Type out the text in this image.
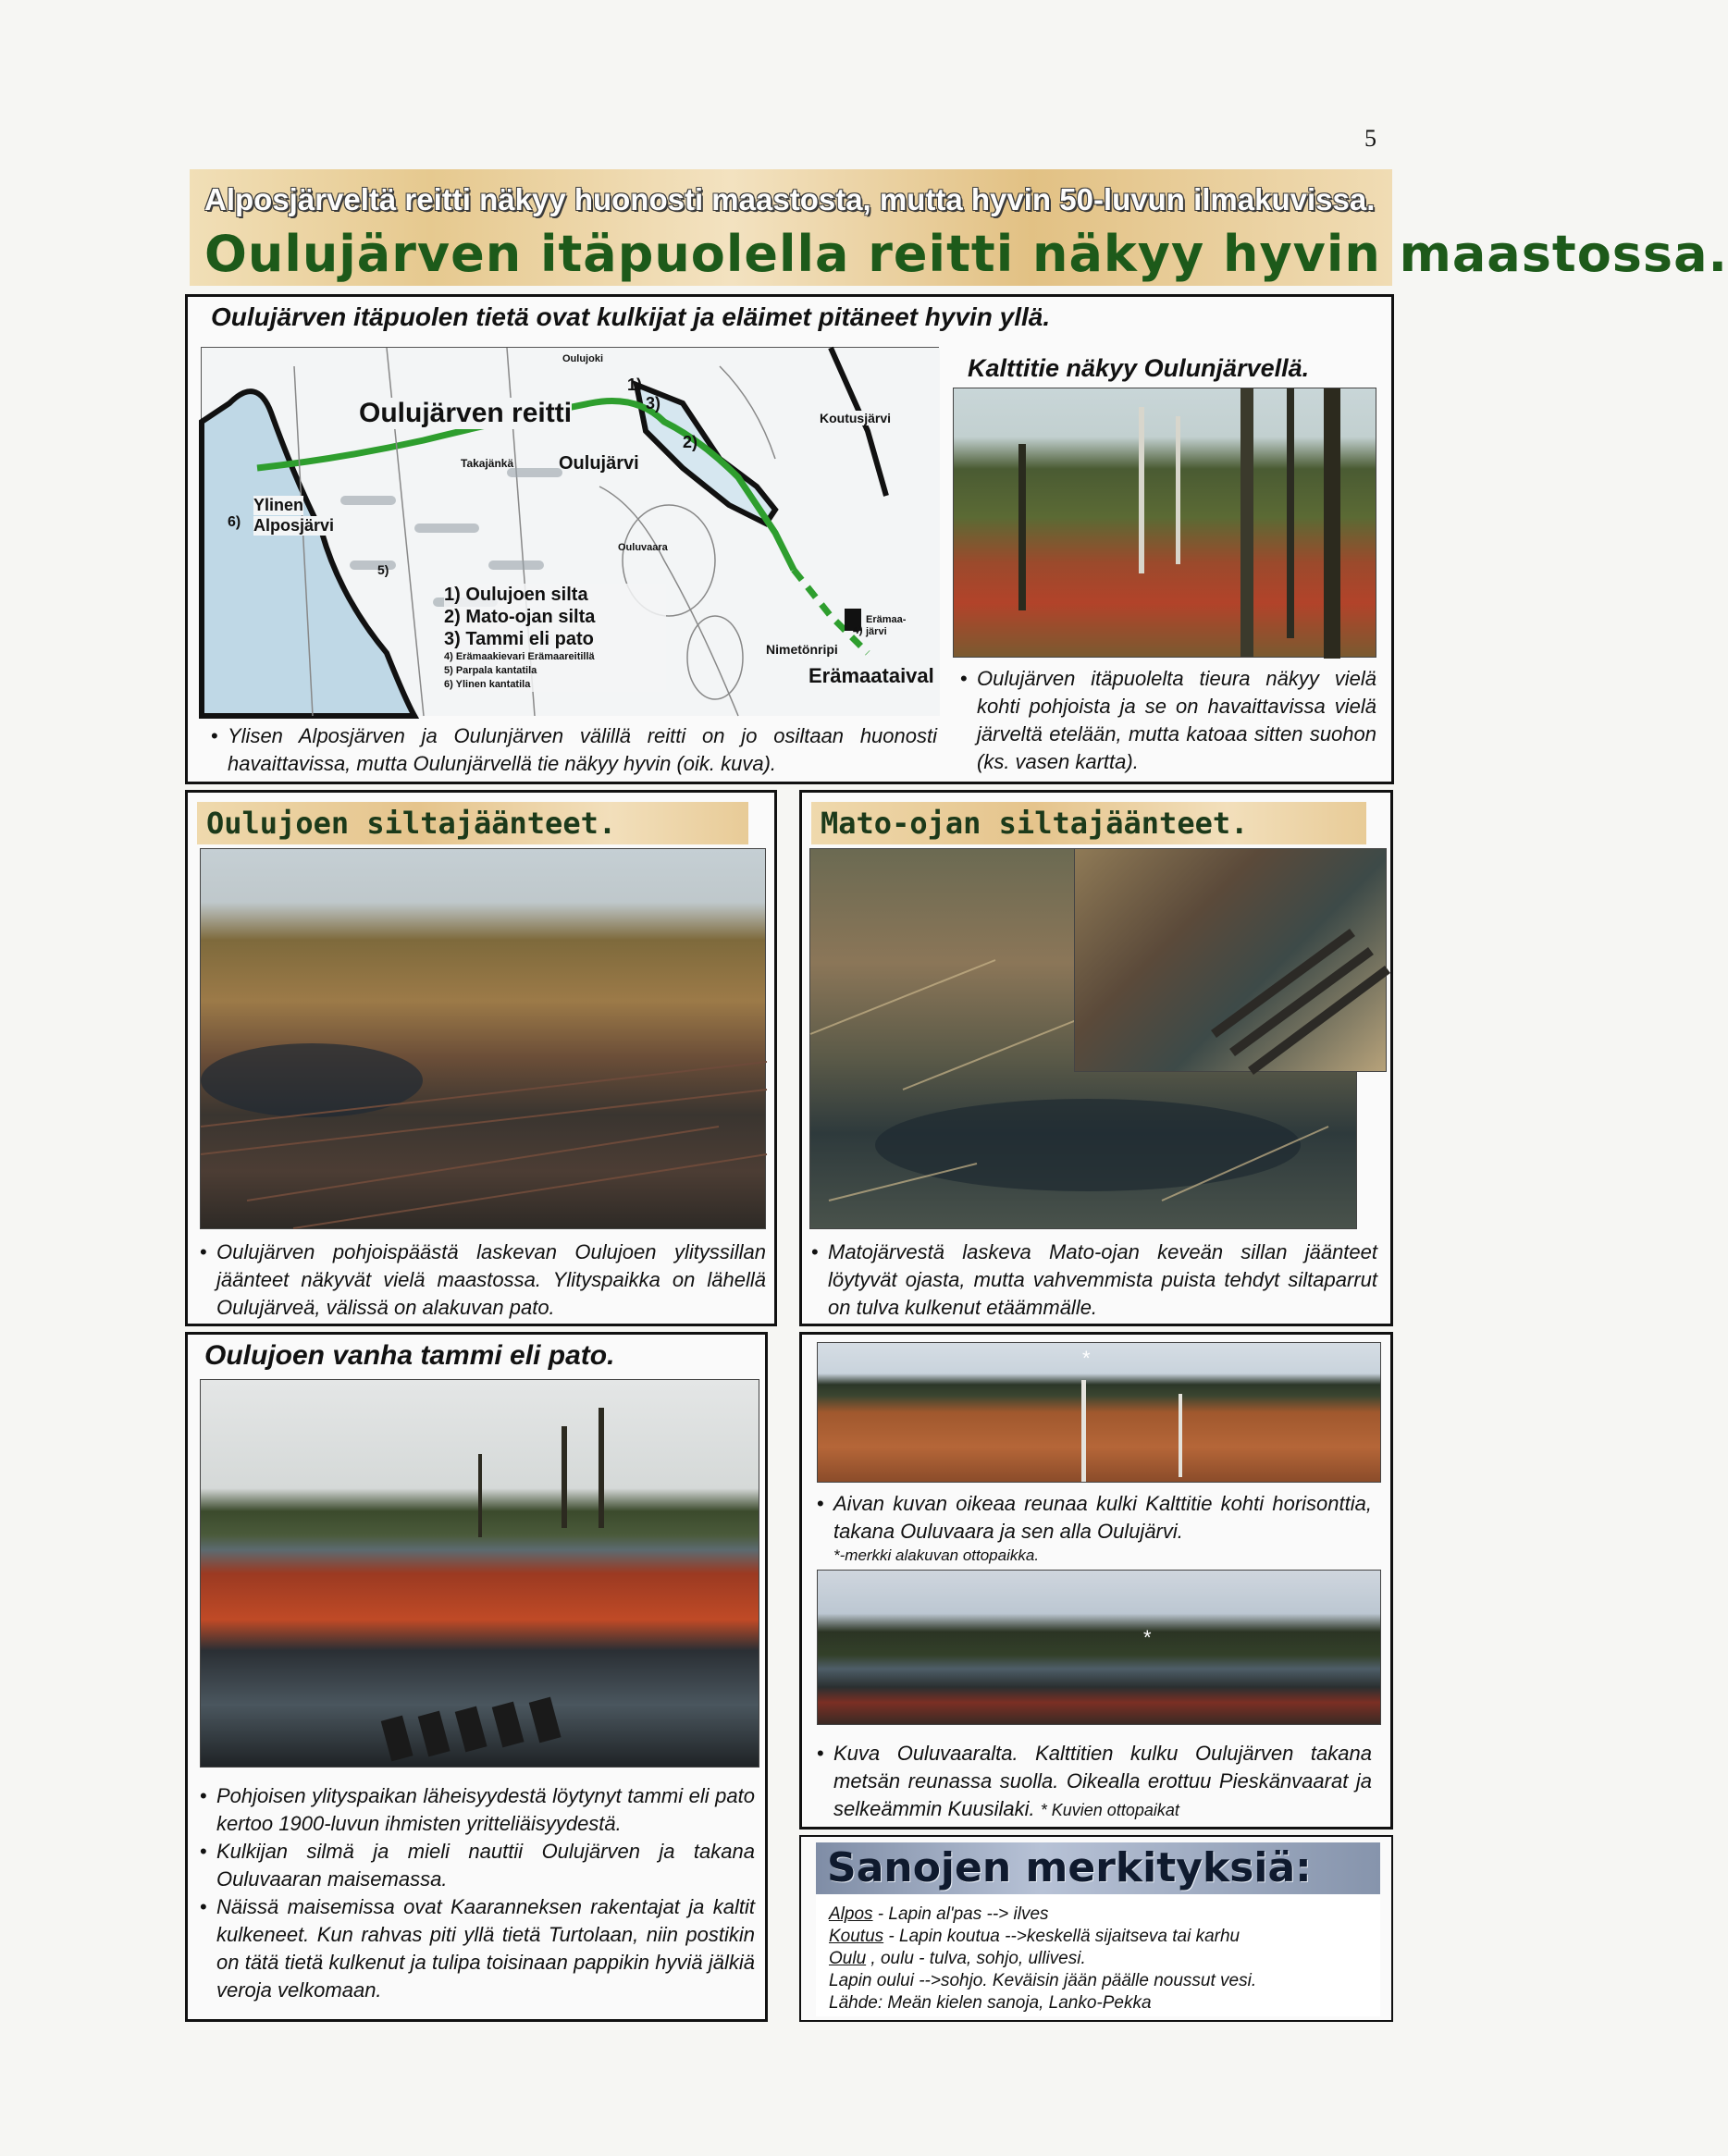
5
Alposjärveltä reitti näkyy huonosti maastosta, mutta hyvin 50-luvun ilmakuvissa.
Oulujärven itäpuolella reitti näkyy hyvin maastossa.
Oulujärven itäpuolen tietä ovat kulkijat ja eläimet pitäneet hyvin yllä.
Oulujärven reitti
Oulujoki
Takajänkä Oulujärvi
Koutusjärvi
Ylinen
Alposjärvi
Ouluvaara
Nimetönripi
Erämaa-järvi
Erämaataival
1)
2)
3)
4)
5)
6)
1) Oulujoen silta
2) Mato-ojan silta
3) Tammi eli pato
4) Erämaakievari Erämaareitillä
5) Parpala kantatila
6) Ylinen kantatila
Kalttitie näkyy Oulunjärvellä.
• Ylisen Alposjärven ja Oulunjärven välillä reitti on jo osiltaan huonosti havaittavissa, mutta Oulunjärvellä tie näkyy hyvin (oik. kuva).
• Oulujärven itäpuolelta tieura näkyy vielä kohti pohjoista ja se on havaittavissa vielä järveltä etelään, mutta katoaa sitten suohon (ks. vasen kartta).
Oulujoen siltajäänteet.
• Oulujärven pohjoispäästä laskevan Oulujoen ylityssillan jäänteet näkyvät vielä maastossa. Ylityspaikka on lähellä Oulujärveä, välissä on alakuvan pato.
Mato-ojan siltajäänteet.
• Matojärvestä laskeva Mato-ojan keveän sillan jäänteet löytyvät ojasta, mutta vahvemmista puista tehdyt siltaparrut on tulva kulkenut etäämmälle.
Oulujoen vanha tammi eli pato.
• Pohjoisen ylityspaikan läheisyydestä löytynyt tammi eli pato kertoo 1900-luvun ihmisten yritteliäisyydestä.
• Kulkijan silmä ja mieli nauttii Oulujärven ja takana Ouluvaaran maisemassa.
• Näissä maisemissa ovat Kaaranneksen rakentajat ja kaltit kulkeneet. Kun rahvas piti yllä tietä Turtolaan, niin postikin on tätä tietä kulkenut ja tulipa toisinaan pappikin hyviä jälkiä veroja velkomaan.
*
• Aivan kuvan oikeaa reunaa kulki Kalttitie kohti horisonttia, takana Ouluvaara ja sen alla Oulujärvi.
*-merkki alakuvan ottopaikka.
*
• Kuva Ouluvaaralta. Kalttitien kulku Oulujärven takana metsän reunassa suolla. Oikealla erottuu Pieskänvaarat ja selkeämmin Kuusilaki. * Kuvien ottopaikat
Sanojen merkityksiä:
Alpos - Lapin al'pas --> ilves
Koutus - Lapin koutua -->keskellä sijaitseva tai karhu
Oulu , oulu - tulva, sohjo, ullivesi.
Lapin oului -->sohjo. Keväisin jään päälle noussut vesi.
Lähde: Meän kielen sanoja, Lanko-Pekka
